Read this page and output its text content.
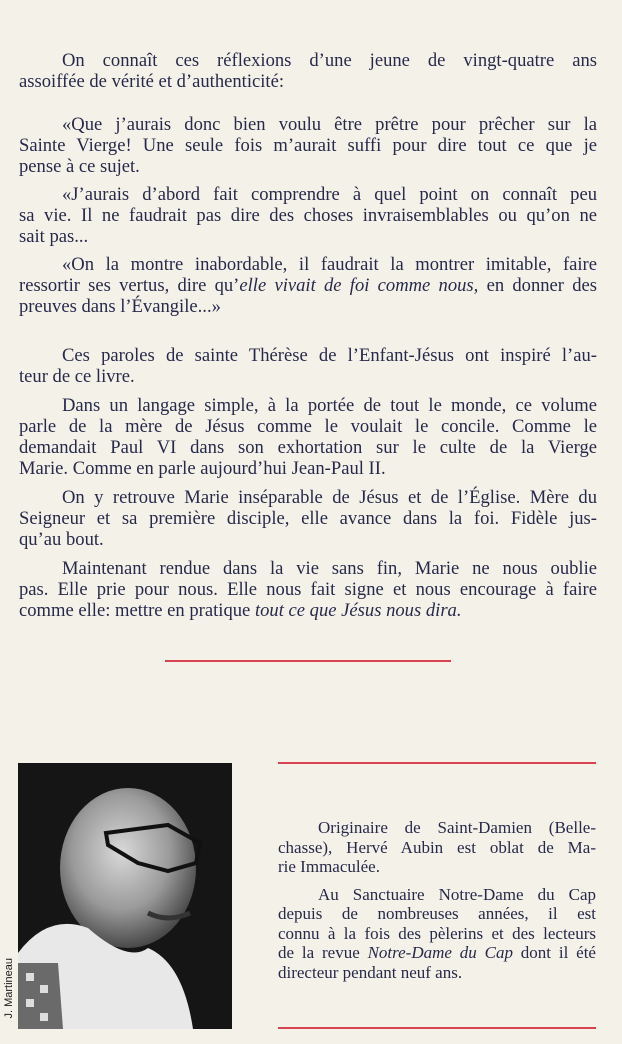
On connaît ces réflexions d’une jeune de vingt-quatre ans
assoiffée de vérité et d’authenticité:
«Que j’aurais donc bien voulu être prêtre pour prêcher sur la
Sainte Vierge! Une seule fois m’aurait suffi pour dire tout ce que je
pense à ce sujet.
«J’aurais d’abord fait comprendre à quel point on connaît peu
sa vie. Il ne faudrait pas dire des choses invraisemblables ou qu’on ne
sait pas...
«On la montre inabordable, il faudrait la montrer imitable, faire
ressortir ses vertus, dire qu’elle vivait de foi comme nous, en donner des
preuves dans l’Évangile...»
Ces paroles de sainte Thérèse de l’Enfant-Jésus ont inspiré l’au-
teur de ce livre.
Dans un langage simple, à la portée de tout le monde, ce volume
parle de la mère de Jésus comme le voulait le concile. Comme le
demandait Paul VI dans son exhortation sur le culte de la Vierge
Marie. Comme en parle aujourd’hui Jean-Paul II.
On y retrouve Marie inséparable de Jésus et de l’Église. Mère du
Seigneur et sa première disciple, elle avance dans la foi. Fidèle jus-
qu’au bout.
Maintenant rendue dans la vie sans fin, Marie ne nous oublie
pas. Elle prie pour nous. Elle nous fait signe et nous encourage à faire
comme elle: mettre en pratique tout ce que Jésus nous dira.
J. Martineau
Originaire de Saint-Damien (Belle-
chasse), Hervé Aubin est oblat de Ma-
rie Immaculée.
Au Sanctuaire Notre-Dame du Cap
depuis de nombreuses années, il est
connu à la fois des pèlerins et des lecteurs
de la revue Notre-Dame du Cap dont il été
directeur pendant neuf ans.
